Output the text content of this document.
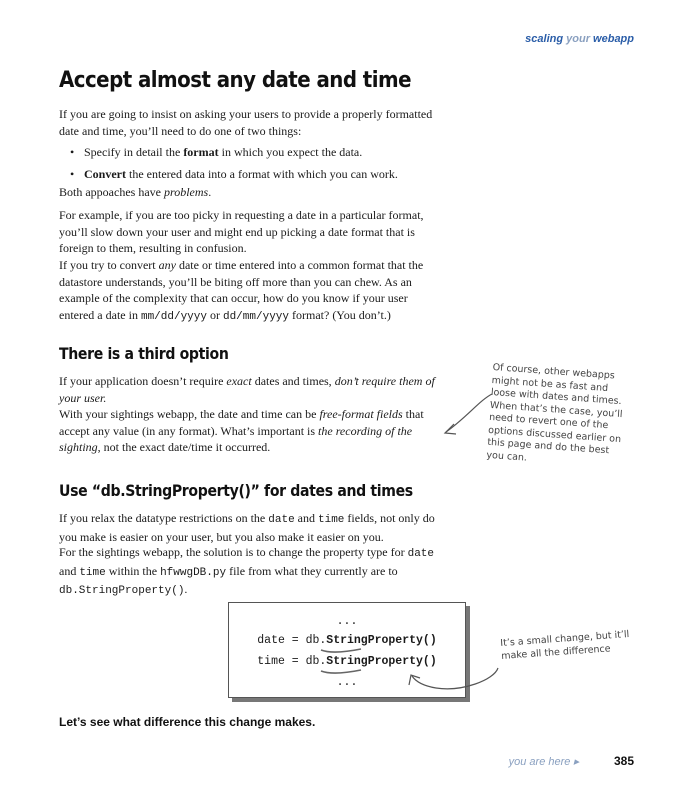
scaling your webapp
Accept almost any date and time

If you are going to insist on asking your users to provide a properly formatted date and time, you’ll need to do one of two things:

• Specify in detail the format in which you expect the data.
• Convert the entered data into a format with which you can work.

Both appoaches have problems.

For example, if you are too picky in requesting a date in a particular format, you’ll slow down your user and might end up picking a date format that is foreign to them, resulting in confusion.

If you try to convert any date or time entered into a common format that the datastore understands, you’ll be biting off more than you can chew. As an example of the complexity that can occur, how do you know if your user entered a date in mm/dd/yyyy or dd/mm/yyyy format? (You don’t.)

There is a third option

If your application doesn’t require exact dates and times, don’t require them of your user.

With your sightings webapp, the date and time can be free-format fields that accept any value (in any format). What’s important is the recording of the sighting, not the exact date/time it occurred.

Of course, other webapps might not be as fast and loose with dates and times. When that’s the case, you’ll need to revert one of the options discussed earlier on this page and do the best you can.
Use “db.StringProperty()” for dates and times

If you relax the datatype restrictions on the date and time fields, not only do you make is easier on your user, but you also make it easier on you.

For the sightings webapp, the solution is to change the property type for date and time within the hfwwgDB.py file from what they currently are to db.StringProperty().

...
date = db.StringProperty()
time = db.StringProperty()
...
It’s a small change, but it’ll make all the difference
Let’s see what difference this change makes.
you are here ▸	385
